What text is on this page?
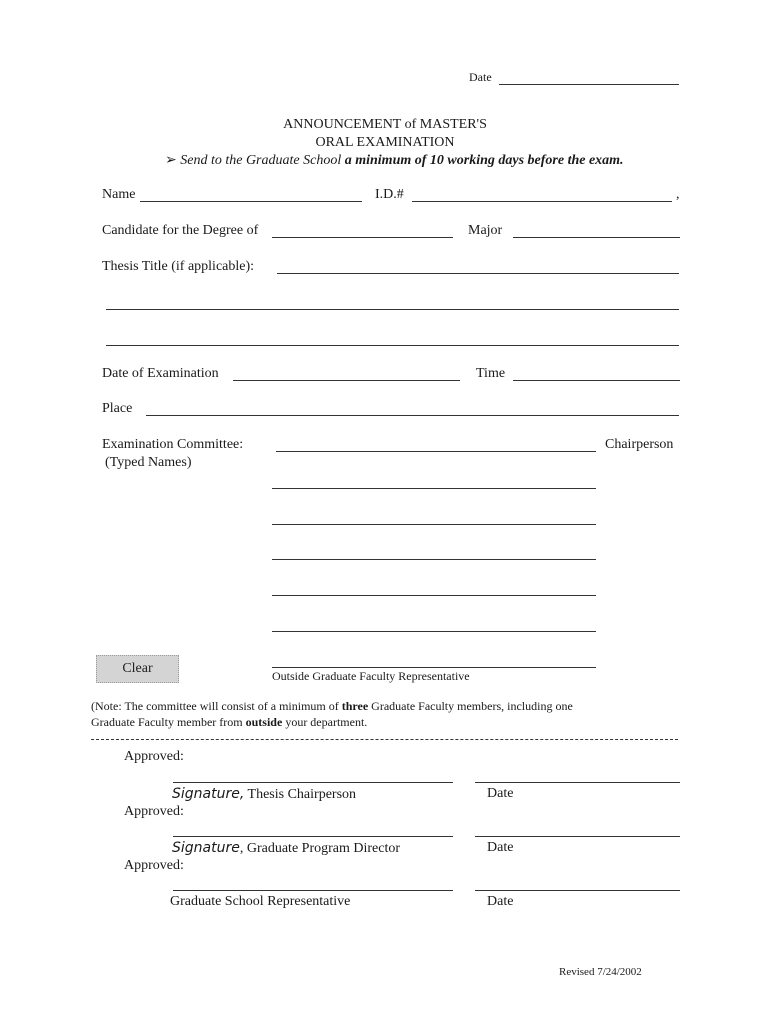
Date
ANNOUNCEMENT of MASTER'S
ORAL EXAMINATION
➢ Send to the Graduate School a minimum of 10 working days before the exam.
Name	I.D.#	,
Candidate for the Degree of	Major
Thesis Title (if applicable):
Date of Examination	Time
Place
Examination Committee:
(Typed Names)
Chairperson
Outside Graduate Faculty Representative
Clear
(Note: The committee will consist of a minimum of three Graduate Faculty members, including one
Graduate Faculty member from outside your department.
Approved:
Signature, Thesis Chairperson	Date
Approved:
Signature, Graduate Program Director	Date
Approved:
Graduate School Representative	Date
Revised 7/24/2002
